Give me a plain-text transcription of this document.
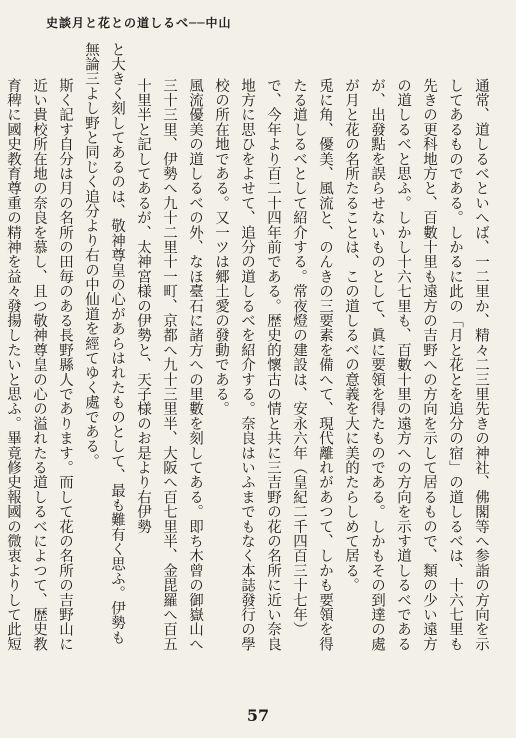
史談月と花との道しるべ──中山

通常、道しるべといへば、一二里か、精々二三里先きの神社、佛閣等へ参詣の方向を示してあるものである。しかるに此の「月と花とを追分の宿」の道しるべは、十六七里も先きの更科地方と、百數十里も遠方の吉野への方向を示して居るもので、類の少い遠方の道しるべと思ふ。しかし十六七里も、百數十里の遠方への方向を示す道しるべであるが、出發點を誤らせないものとして、眞に要領を得たものである。しかもその到達の處が月と花の名所たることは、この道しるべの意義を大に美的たらしめて居る。

兎に角、優美、風流と、のんきの三要素を備へて、現代離れがあつて、しかも要領を得たる道しるべとして紹介する。常夜燈の建設は、安永六年（皇紀二千四百三十七年）で、今年より百二十四年前である。歴史的懷古の情と共に三吉野の花の名所に近い奈良地方に思ひをよせて、追分の道しるべを紹介する。奈良はいふまでもなく本誌發行の學校の所在地である。又一ツは郷土愛の發動である。

風流優美の道しるべの外、なほ臺石に諸方への里數を刻してある。即ち木曾の御嶽山へ三十三里、伊勢へ九十二里十一町、京都へ九十三里半、大阪へ百七里半、金毘羅へ百五十里半と記してあるが、太神宮様の伊勢と、天子様のお是より右伊勢

と大きく刻してあるのは、敬神尊皇の心があらはれたものとして、最も難有く思ふ。伊勢も無論三よし野と同じく追分より右の中仙道を經てゆく處である。

斯く記す自分は月の名所の田毎のある長野縣人であります。而して花の名所の吉野山に近い貴校所在地の奈良を慕し、且つ敬神尊皇の心の溢れたる道しるべによつて、歴史教育稗に國史教育尊重の精神を益々發揚したいと思ふ。畢竟修史報國の微衷よりして此短

57
